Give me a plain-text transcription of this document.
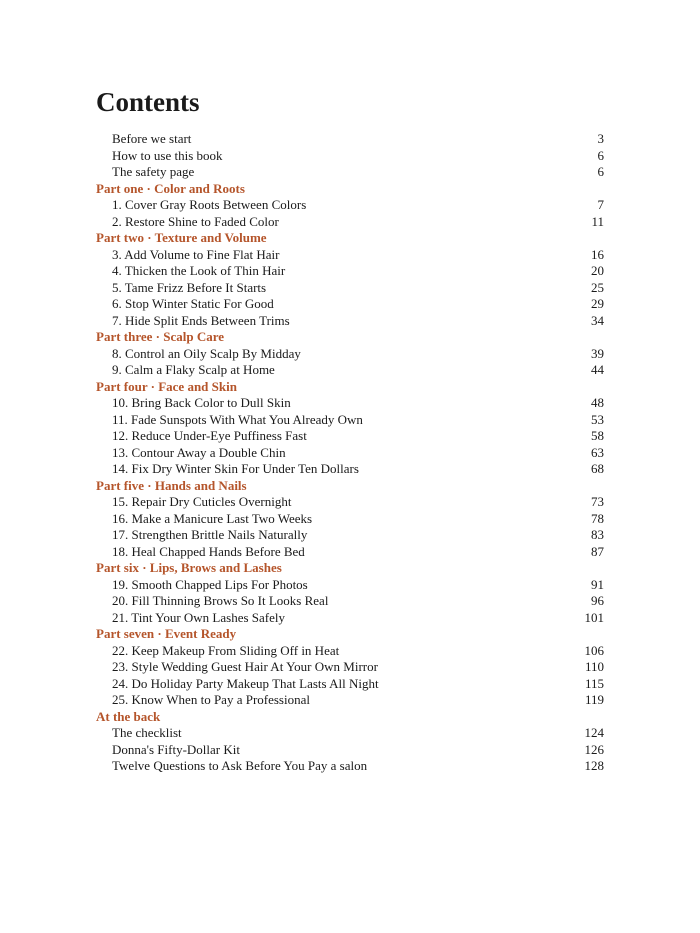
Contents
Before we start	3
How to use this book	6
The safety page	6
Part one · Color and Roots
1. Cover Gray Roots Between Colors	7
2. Restore Shine to Faded Color	11
Part two · Texture and Volume
3. Add Volume to Fine Flat Hair	16
4. Thicken the Look of Thin Hair	20
5. Tame Frizz Before It Starts	25
6. Stop Winter Static For Good	29
7. Hide Split Ends Between Trims	34
Part three · Scalp Care
8. Control an Oily Scalp By Midday	39
9. Calm a Flaky Scalp at Home	44
Part four · Face and Skin
10. Bring Back Color to Dull Skin	48
11. Fade Sunspots With What You Already Own	53
12. Reduce Under-Eye Puffiness Fast	58
13. Contour Away a Double Chin	63
14. Fix Dry Winter Skin For Under Ten Dollars	68
Part five · Hands and Nails
15. Repair Dry Cuticles Overnight	73
16. Make a Manicure Last Two Weeks	78
17. Strengthen Brittle Nails Naturally	83
18. Heal Chapped Hands Before Bed	87
Part six · Lips, Brows and Lashes
19. Smooth Chapped Lips For Photos	91
20. Fill Thinning Brows So It Looks Real	96
21. Tint Your Own Lashes Safely	101
Part seven · Event Ready
22. Keep Makeup From Sliding Off in Heat	106
23. Style Wedding Guest Hair At Your Own Mirror	110
24. Do Holiday Party Makeup That Lasts All Night	115
25. Know When to Pay a Professional	119
At the back
The checklist	124
Donna's Fifty-Dollar Kit	126
Twelve Questions to Ask Before You Pay a salon	128
